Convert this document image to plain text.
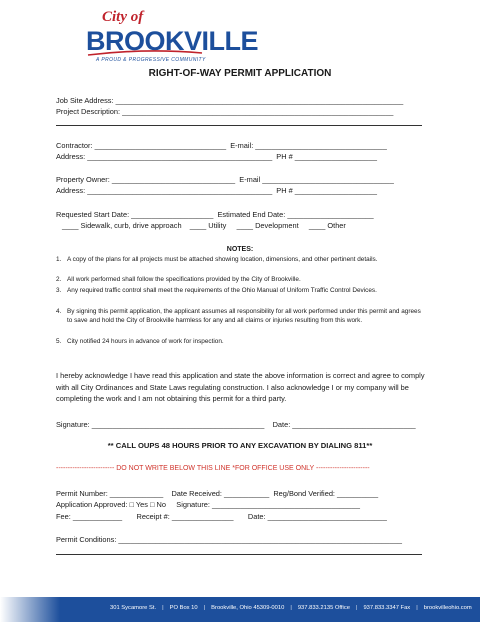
City of
BROOKVILLE
A PROUD & PROGRESSIVE COMMUNITY
RIGHT-OF-WAY PERMIT APPLICATION
Job Site Address: ______________________________________________________________________
Project Description: __________________________________________________________________
Contractor: ________________________________  E-mail: ________________________________
Address: _____________________________________________  PH # ____________________
Property Owner: ______________________________  E-mail ________________________________
Address: _____________________________________________  PH # ____________________
Requested Start Date: ____________________  Estimated End Date: _____________________
____ Sidewalk, curb, drive approach    ____ Utility     ____ Development     ____ Other
NOTES:
1. A copy of the plans for all projects must be attached showing location, dimensions, and other pertinent details.
2. All work performed shall follow the specifications provided by the City of Brookville.
3. Any required traffic control shall meet the requirements of the Ohio Manual of Uniform Traffic Control Devices.
4. By signing this permit application, the applicant assumes all responsibility for all work performed under this permit and agrees to save and hold the City of Brookville harmless for any and all claims or injuries resulting from this work.
5. City notified 24 hours in advance of work for inspection.
I hereby acknowledge I have read this application and state the above information is correct and agree to comply with all City Ordinances and State Laws regulating construction. I also acknowledge I or my company will be completing the work and I am not obtaining this permit for a third party.
Signature: __________________________________________    Date: ______________________________
** CALL OUPS 48 HOURS PRIOR TO ANY EXCAVATION BY DIALING 811**
------------------------- DO NOT WRITE BELOW THIS LINE *FOR OFFICE USE ONLY -----------------------
Permit Number: _____________    Date Received: ___________  Reg/Bond Verified: __________
Application Approved: □ Yes □ No     Signature: ____________________________________
Fee: ____________       Receipt #: _______________       Date: _____________________________
Permit Conditions: _____________________________________________________________________
301 Sycamore St. | PO Box 10 | Brookville, Ohio 45309-0010 | 937.833.2135 Office | 937.833.3347 Fax | brookvilleohio.com
